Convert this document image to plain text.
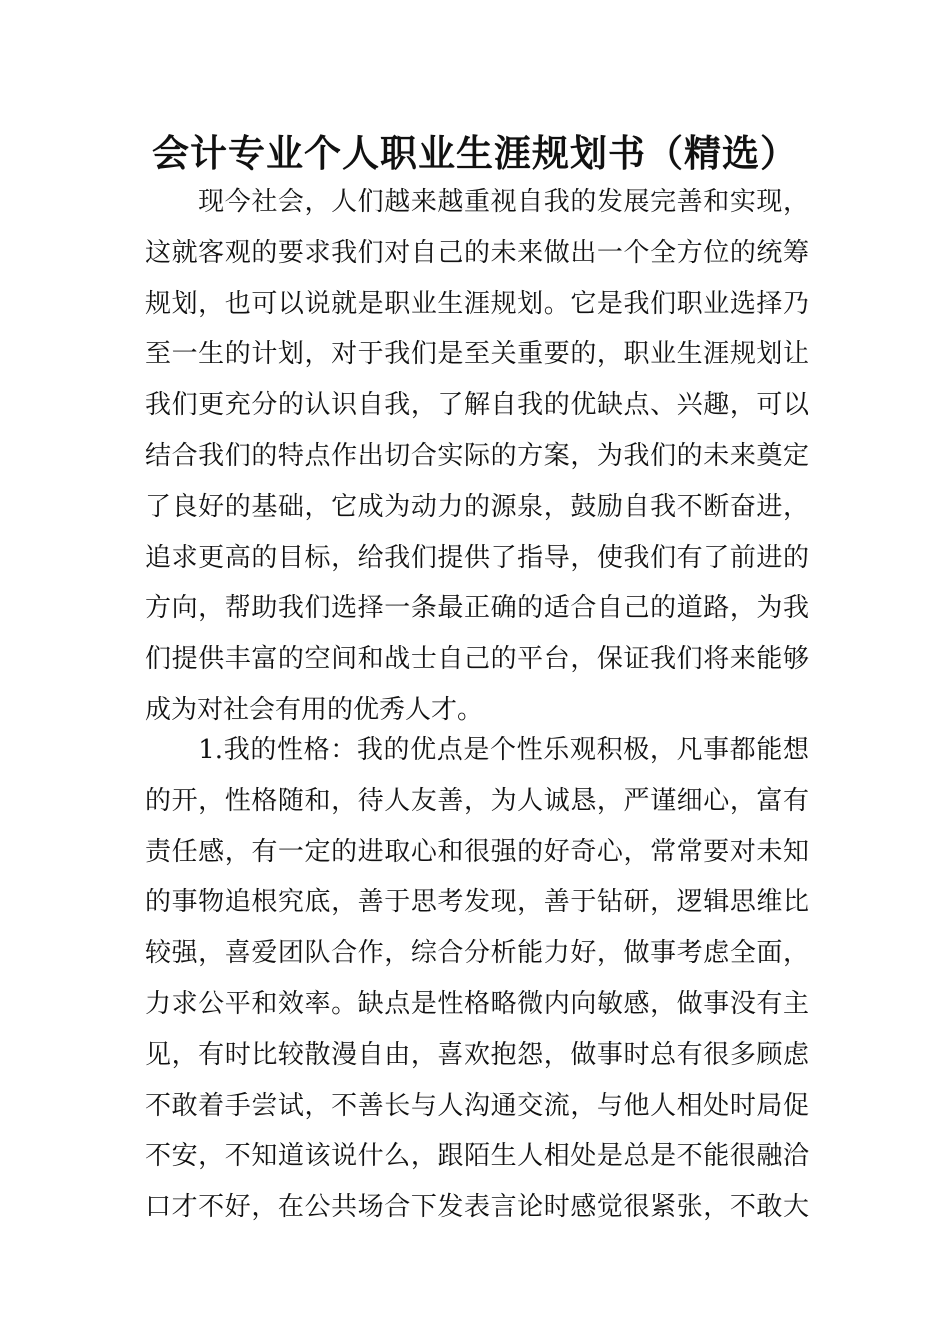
会计专业个人职业生涯规划书（精选）
　　现今社会，人们越来越重视自我的发展完善和实现，
这就客观的要求我们对自己的未来做出一个全方位的统筹
规划，也可以说就是职业生涯规划。它是我们职业选择乃
至一生的计划，对于我们是至关重要的，职业生涯规划让
我们更充分的认识自我，了解自我的优缺点、兴趣，可以
结合我们的特点作出切合实际的方案，为我们的未来奠定
了良好的基础，它成为动力的源泉，鼓励自我不断奋进，
追求更高的目标，给我们提供了指导，使我们有了前进的
方向，帮助我们选择一条最正确的适合自己的道路，为我
们提供丰富的空间和战士自己的平台，保证我们将来能够
成为对社会有用的优秀人才。
　　1.我的性格：我的优点是个性乐观积极，凡事都能想
的开，性格随和，待人友善，为人诚恳，严谨细心，富有
责任感，有一定的进取心和很强的好奇心，常常要对未知
的事物追根究底，善于思考发现，善于钻研，逻辑思维比
较强，喜爱团队合作，综合分析能力好，做事考虑全面，
力求公平和效率。缺点是性格略微内向敏感，做事没有主
见，有时比较散漫自由，喜欢抱怨，做事时总有很多顾虑
不敢着手尝试，不善长与人沟通交流，与他人相处时局促
不安，不知道该说什么，跟陌生人相处是总是不能很融洽
口才不好，在公共场合下发表言论时感觉很紧张，不敢大
